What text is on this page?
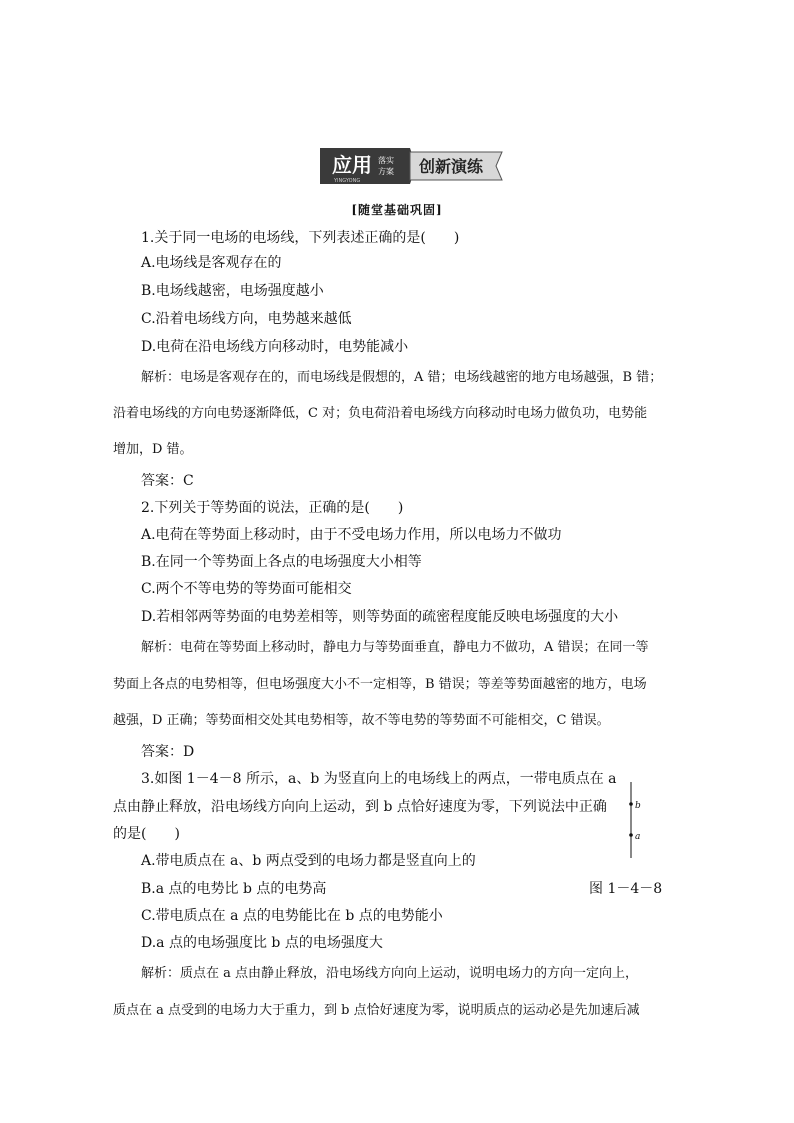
应用 落实
方案
YINGYONG
创新演练
[随堂基础巩固]
1.关于同一电场的电场线，下列表述正确的是(　　)
A.电场线是客观存在的
B.电场线越密，电场强度越小
C.沿着电场线方向，电势越来越低
D.电荷在沿电场线方向移动时，电势能减小
解析：电场是客观存在的，而电场线是假想的，A 错；电场线越密的地方电场越强，B 错；
沿着电场线的方向电势逐渐降低，C 对；负电荷沿着电场线方向移动时电场力做负功，电势能
增加，D 错。
答案：C
2.下列关于等势面的说法，正确的是(　　)
A.电荷在等势面上移动时，由于不受电场力作用，所以电场力不做功
B.在同一个等势面上各点的电场强度大小相等
C.两个不等电势的等势面可能相交
D.若相邻两等势面的电势差相等，则等势面的疏密程度能反映电场强度的大小
解析：电荷在等势面上移动时，静电力与等势面垂直，静电力不做功，A 错误；在同一等
势面上各点的电势相等，但电场强度大小不一定相等，B 错误；等差等势面越密的地方，电场
越强，D 正确；等势面相交处其电势相等，故不等电势的等势面不可能相交，C 错误。
答案：D
3.如图 1－4－8 所示，a、b 为竖直向上的电场线上的两点，一带电质点在 a
点由静止释放，沿电场线方向向上运动，到 b 点恰好速度为零，下列说法中正确
的是(　　)
A.带电质点在 a、b 两点受到的电场力都是竖直向上的
B.a 点的电势比 b 点的电势高
C.带电质点在 a 点的电势能比在 b 点的电势能小
D.a 点的电场强度比 b 点的电场强度大
b
a
图 1－4－8
解析：质点在 a 点由静止释放，沿电场线方向向上运动，说明电场力的方向一定向上，
质点在 a 点受到的电场力大于重力，到 b 点恰好速度为零，说明质点的运动必是先加速后减
